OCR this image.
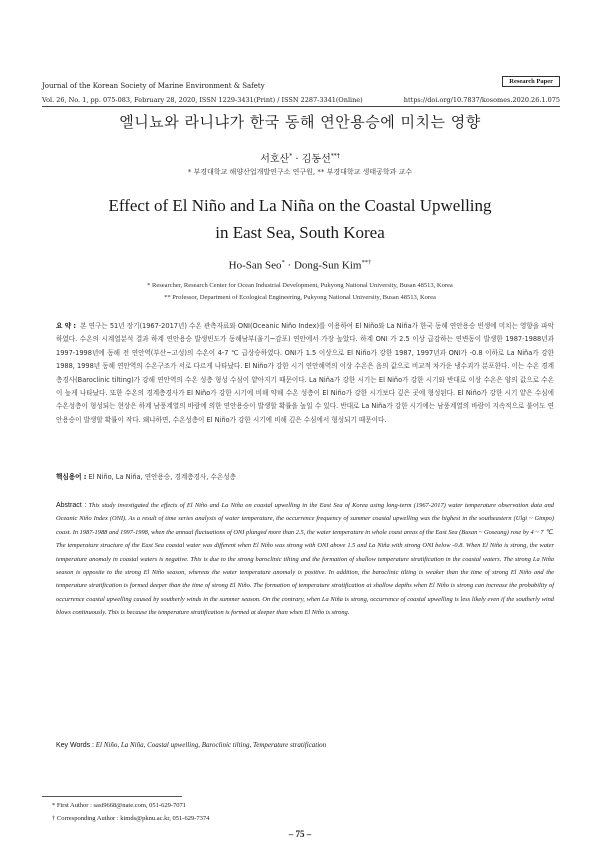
Journal of the Korean Society of Marine Environment & Safety
Research Paper
Vol. 26, No. 1, pp. 075-083, February 28, 2020, ISSN 1229-3431(Print) / ISSN 2287-3341(Online)	https://doi.org/10.7837/kosomes.2020.26.1.075
엘니뇨와 라니냐가 한국 동해 연안용승에 미치는 영향
서호산* · 김동선**†
* 부경대학교 해양산업개발연구소 연구원, ** 부경대학교 생태공학과 교수
Effect of El Niño and La Niña on the Coastal Upwelling
in East Sea, South Korea
Ho-San Seo* · Dong-Sun Kim**†
* Researcher, Research Center for Ocean Industrial Development, Pukyong National University, Busan 48513, Korea
** Professor, Department of Ecological Engineering, Pukyong National University, Busan 48513, Korea
요 약 : 본 연구는 51년 장기(1967-2017년) 수온 관측자료와 ONI(Oceanic Niño Index)를 이용하여 El Niño와 La Niña가 한국 동해 연안용승 빈생에 미치는 영향을 파악하였다. 수온의 시계열분석 결과 하계 연안용승 발생빈도가 동해남부(울기~감포) 연안에서 가장 높았다. 하계 ONI 가 2.5 이상 급감하는 연변동이 발생한 1987-1988년과 1997-1998년에 동해 전 연안역(부산~고성)의 수온이 4-7 ℃ 급상승하였다. ONI가 1.5 이상으로 El Niño가 강한 1987, 1997년과 ONI가 -0.8 이하로 La Niña가 강한 1988, 1998년 동해 연안역의 수온구조가 서로 다르게 나타났다. El Niño가 강한 시기 연안해역의 이상 수온은 음의 값으로 비교적 차가운 냉수괴가 분포한다. 이는 수온 경계층경사(Baroclinic tilting)가 강해 연안역의 수온 성층 형성 수심이 얕아지기 때문이다. La Niña가 강한 시기는 El Niño가 강한 시기와 반대로 이상 수온은 양의 값으로 수온이 높게 나타났다. 또한 수온의 경계층경사가 El Niño가 강한 시기에 비해 약해 수온 성층이 El Niño가 강한 시기보다 깊은 곳에 형성된다. El Niño가 강한 시기 얕은 수심에 수온성층이 형성되는 현상은 하계 남풍계열의 바람에 의한 연안용승이 발생할 확률을 높일 수 있다. 반대로 La Niña가 강한 시기에는 남풍계열의 바람이 지속적으로 불어도 연안용승이 발생할 확률이 작다. 왜냐하면, 수온성층이 El Niño가 강한 시기에 비해 깊은 수심에서 형성되기 때문이다.
핵심용어 : El Niño, La Niña, 연안용승, 경계층경사, 수온성층
Abstract : This study investigated the effects of El Niño and La Niña on coastal upwelling in the East Sea of Korea using long-term (1967-2017) water temperature observation data and Oceanic Niño Index (ONI). As a result of time series analysis of water temperature, the occurrence frequency of summer coastal upwelling was the highest in the southeastern (Ulgi ~ Gimpo) coast. In 1987-1988 and 1997-1998, when the annual fluctuations of ONI plunged more than 2.5, the water temperature in whole coast areas of the East Sea (Busan ~ Goseung) rose by 4 ~ 7 ℃. The temperature structure of the East Sea coastal water was different when El Niño was strong with ONI above 1.5 and La Niña with strong ONI below -0.8. When El Niño is strong, the water temperature anomaly in coastal waters is negative. This is due to the strong baroclinic tilting and the formation of shallow temperature stratification in the coastal waters. The strong La Niña season is opposite to the strong El Niño season, whereas the water temperature anomaly is positive. In addition, the baroclinic tilting is weaker than the time of strong El Niño and the temperature stratification is formed deeper than the time of strong El Niño. The formation of temperature stratification at shallow depths when El Niño is strong can increase the probability of occurrence coastal upwelling caused by southerly winds in the summer season. On the contrary, when La Niña is strong, occurrence of coastal upwelling is less likely even if the southerly wind blows continuously. This is because the temperature stratification is formed at deeper than when El Niño is strong.
Key Words : El Niño, La Niña, Coastal upwelling, Baroclinic tilting, Temperature stratification
* First Author : sasi9668@nate.com, 051-629-7071
† Corresponding Author : kimds@pknu.ac.kr, 051-629-7374
– 75 –
